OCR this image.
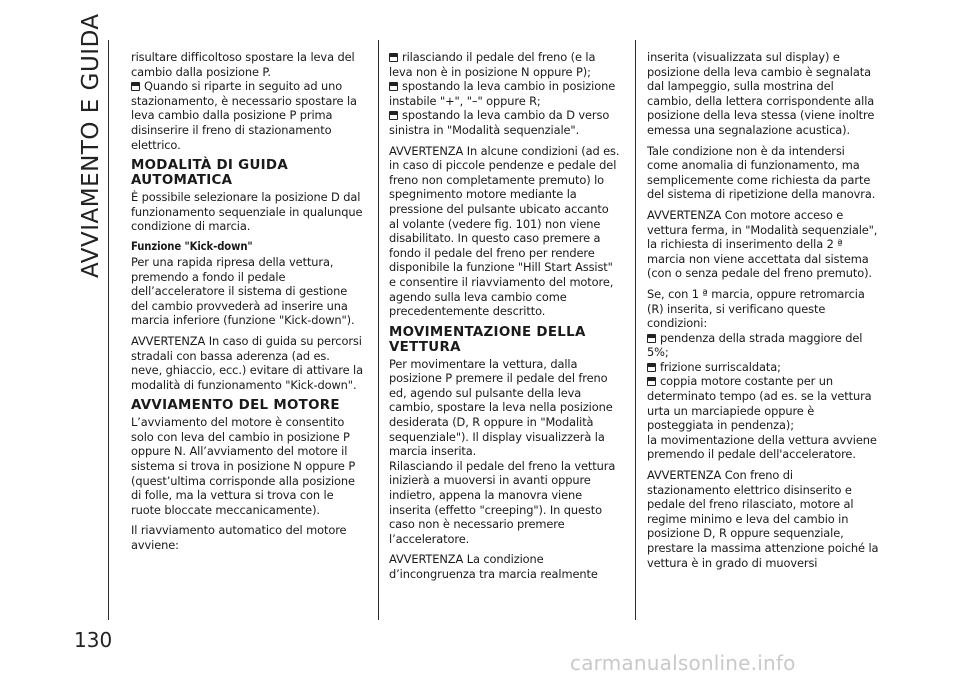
AVVIAMENTO E GUIDA
130

risultare difficoltoso spostare la leva del cambio dalla posizione P.

Quando si riparte in seguito ad uno stazionamento, è necessario spostare la leva cambio dalla posizione P prima disinserire il freno di stazionamento elettrico.

MODALITÀ DI GUIDA AUTOMATICA

È possibile selezionare la posizione D dal funzionamento sequenziale in qualunque condizione di marcia.

Funzione "Kick-down"

Per una rapida ripresa della vettura, premendo a fondo il pedale dell’acceleratore il sistema di gestione del cambio provvederà ad inserire una marcia inferiore (funzione "Kick-down").

AVVERTENZA In caso di guida su percorsi stradali con bassa aderenza (ad es. neve, ghiaccio, ecc.) evitare di attivare la modalità di funzionamento "Kick-down".

AVVIAMENTO DEL MOTORE

L’avviamento del motore è consentito solo con leva del cambio in posizione P oppure N. All’avviamento del motore il sistema si trova in posizione N oppure P (quest’ultima corrisponde alla posizione di folle, ma la vettura si trova con le ruote bloccate meccanicamente).

Il riavviamento automatico del motore avviene:

rilasciando il pedale del freno (e la leva non è in posizione N oppure P);

spostando la leva cambio in posizione instabile "+", "–" oppure R;

spostando la leva cambio da D verso sinistra in "Modalità sequenziale".

AVVERTENZA In alcune condizioni (ad es. in caso di piccole pendenze e pedale del freno non completamente premuto) lo spegnimento motore mediante la pressione del pulsante ubicato accanto al volante (vedere fig. 101) non viene disabilitato. In questo caso premere a fondo il pedale del freno per rendere disponibile la funzione "Hill Start Assist" e consentire il riavviamento del motore, agendo sulla leva cambio come precedentemente descritto.

MOVIMENTAZIONE DELLA VETTURA

Per movimentare la vettura, dalla posizione P premere il pedale del freno ed, agendo sul pulsante della leva cambio, spostare la leva nella posizione desiderata (D, R oppure in "Modalità sequenziale"). Il display visualizzerà la marcia inserita.

Rilasciando il pedale del freno la vettura inizierà a muoversi in avanti oppure indietro, appena la manovra viene inserita (effetto "creeping"). In questo caso non è necessario premere l’acceleratore.

AVVERTENZA La condizione d’incongruenza tra marcia realmente

inserita (visualizzata sul display) e posizione della leva cambio è segnalata dal lampeggio, sulla mostrina del cambio, della lettera corrispondente alla posizione della leva stessa (viene inoltre emessa una segnalazione acustica).

Tale condizione non è da intendersi come anomalia di funzionamento, ma semplicemente come richiesta da parte del sistema di ripetizione della manovra.

AVVERTENZA Con motore acceso e vettura ferma, in "Modalità sequenziale", la richiesta di inserimento della 2 ª marcia non viene accettata dal sistema (con o senza pedale del freno premuto).

Se, con 1 ª marcia, oppure retromarcia (R) inserita, si verificano queste condizioni:

pendenza della strada maggiore del 5%;

frizione surriscaldata;

coppia motore costante per un determinato tempo (ad es. se la vettura urta un marciapiede oppure è posteggiata in pendenza);

la movimentazione della vettura avviene premendo il pedale dell'acceleratore.

AVVERTENZA Con freno di stazionamento elettrico disinserito e pedale del freno rilasciato, motore al regime minimo e leva del cambio in posizione D, R oppure sequenziale, prestare la massima attenzione poiché la vettura è in grado di muoversi

carmanualsonline.info
